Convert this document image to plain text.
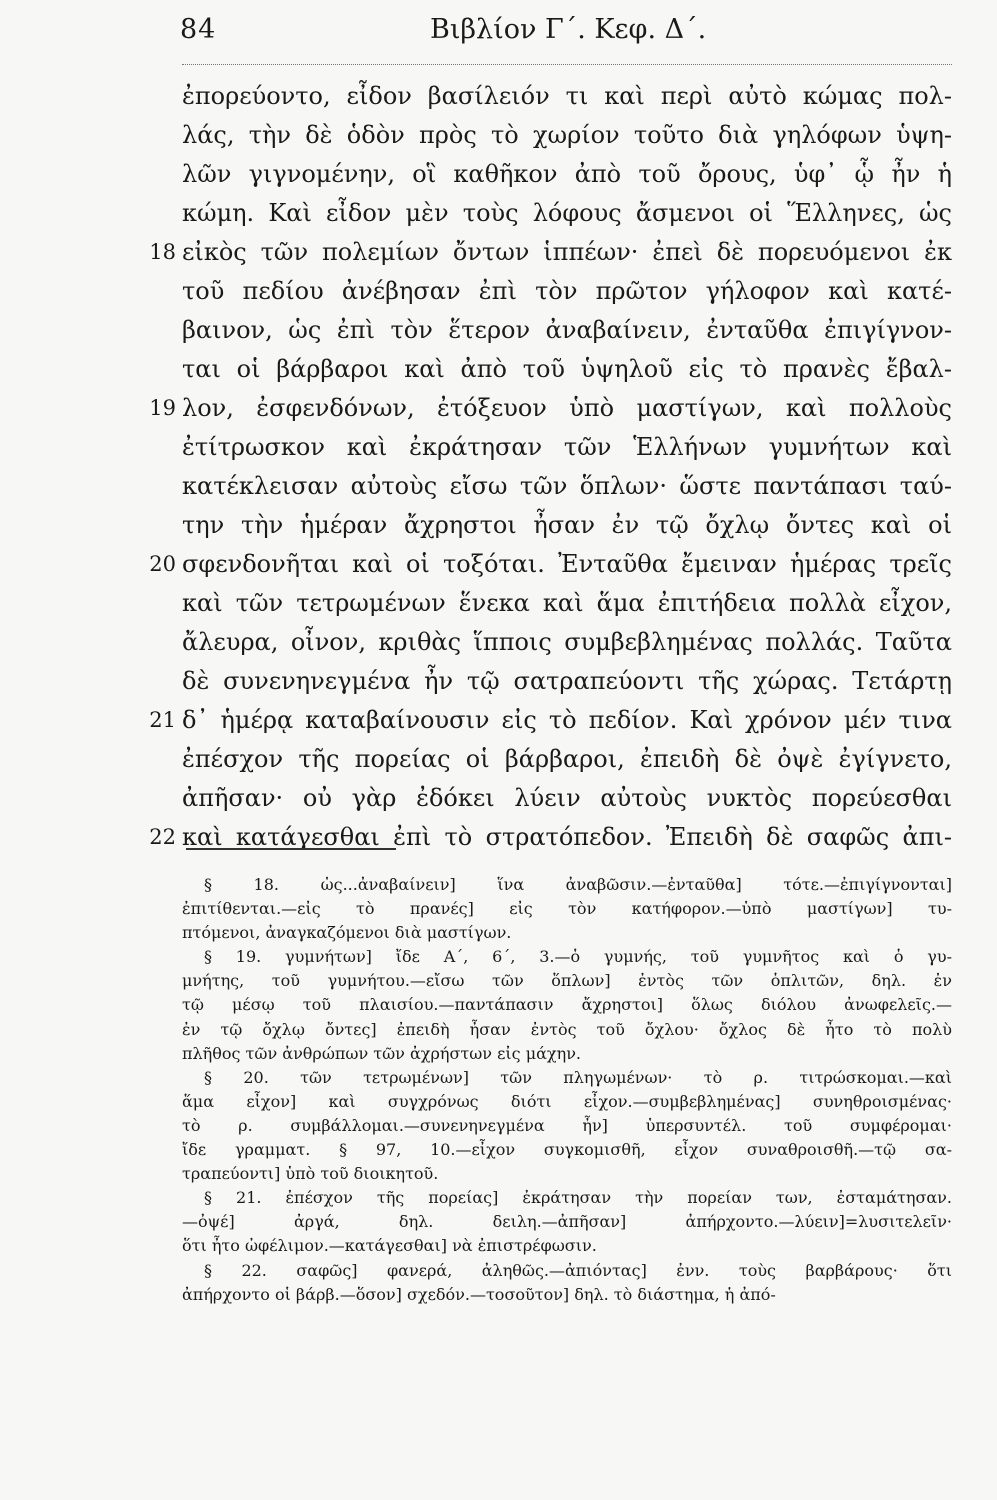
84	Βιβλίον Γ΄. Κεφ. Δ΄.
ἐπορεύοντο, εἶδον βασίλειόν τι καὶ περὶ αὐτὸ κώμας πολ-
λάς, τὴν δὲ ὁδὸν πρὸς τὸ χωρίον τοῦτο διὰ γηλόφων ὑψη-
λῶν γιγνομένην, οἳ καθῆκον ἀπὸ τοῦ ὄρους, ὑφ᾽ ᾧ ἦν ἡ
κώμη. Καὶ εἶδον μὲν τοὺς λόφους ἄσμενοι οἱ Ἕλληνες, ὡς
18 εἰκὸς τῶν πολεμίων ὄντων ἱππέων· ἐπεὶ δὲ πορευόμενοι ἐκ
τοῦ πεδίου ἀνέβησαν ἐπὶ τὸν πρῶτον γήλοφον καὶ κατέ-
βαινον, ὡς ἐπὶ τὸν ἕτερον ἀναβαίνειν, ἐνταῦθα ἐπιγίγνον-
ται οἱ βάρβαροι καὶ ἀπὸ τοῦ ὑψηλοῦ εἰς τὸ πρανὲς ἔβαλ-
19 λον, ἐσφενδόνων, ἐτόξευον ὑπὸ μαστίγων, καὶ πολλοὺς
ἐτίτρωσκον καὶ ἐκράτησαν τῶν Ἑλλήνων γυμνήτων καὶ
κατέκλεισαν αὐτοὺς εἴσω τῶν ὅπλων· ὥστε παντάπασι ταύ-
την τὴν ἡμέραν ἄχρηστοι ἦσαν ἐν τῷ ὄχλῳ ὄντες καὶ οἱ
20 σφενδονῆται καὶ οἱ τοξόται. Ἐνταῦθα ἔμειναν ἡμέρας τρεῖς
καὶ τῶν τετρωμένων ἕνεκα καὶ ἅμα ἐπιτήδεια πολλὰ εἶχον,
ἄλευρα, οἶνον, κριθὰς ἵπποις συμβεβλημένας πολλάς. Ταῦτα
δὲ συνενηνεγμένα ἦν τῷ σατραπεύοντι τῆς χώρας. Τετάρτῃ
21 δ᾽ ἡμέρᾳ καταβαίνουσιν εἰς τὸ πεδίον. Καὶ χρόνον μέν τινα
ἐπέσχον τῆς πορείας οἱ βάρβαροι, ἐπειδὴ δὲ ὀψὲ ἐγίγνετο,
ἀπῆσαν· οὐ γὰρ ἐδόκει λύειν αὐτοὺς νυκτὸς πορεύεσθαι
22 καὶ κατάγεσθαι ἐπὶ τὸ στρατόπεδον. Ἐπειδὴ δὲ σαφῶς ἀπι-
§ 18. ὡς...ἀναβαίνειν] ἵνα ἀναβῶσιν.—ἐνταῦθα] τότε.—ἐπιγίγνονται]
ἐπιτίθενται.—εἰς τὸ πρανές] εἰς τὸν κατήφορον.—ὑπὸ μαστίγων] τυ-
πτόμενοι, ἀναγκαζόμενοι διὰ μαστίγων.
§ 19. γυμνήτων] ἴδε Α΄, 6΄, 3.—ὁ γυμνής, τοῦ γυμνῆτος καὶ ὁ γυ-
μνήτης, τοῦ γυμνήτου.—εἴσω τῶν ὅπλων] ἐντὸς τῶν ὁπλιτῶν, δηλ. ἐν
τῷ μέσῳ τοῦ πλαισίου.—παντάπασιν ἄχρηστοι] ὅλως διόλου ἀνωφελεῖς.—
ἐν τῷ ὄχλῳ ὄντες] ἐπειδὴ ἦσαν ἐντὸς τοῦ ὄχλου· ὄχλος δὲ ἦτο τὸ πολὺ
πλῆθος τῶν ἀνθρώπων τῶν ἀχρήστων εἰς μάχην.
§ 20. τῶν τετρωμένων] τῶν πληγωμένων· τὸ ρ. τιτρώσκομαι.—καὶ
ἅμα εἶχον] καὶ συγχρόνως διότι εἶχον.—συμβεβλημένας] συνηθροισμένας·
τὸ ρ. συμβάλλομαι.—συνενηνεγμένα ἦν] ὑπερσυντέλ. τοῦ συμφέρομαι·
ἴδε γραμματ. § 97, 10.—εἶχον συγκομισθῆ, εἶχον συναθροισθῆ.—τῷ σα-
τραπεύοντι] ὑπὸ τοῦ διοικητοῦ.
§ 21. ἐπέσχον τῆς πορείας] ἐκράτησαν τὴν πορείαν των, ἐσταμάτησαν.
—ὀψέ] ἀργά, δηλ. δειλη.—ἀπῆσαν] ἀπήρχοντο.—λύειν]=λυσιτελεῖν·
ὅτι ἦτο ὠφέλιμον.—κατάγεσθαι] νὰ ἐπιστρέφωσιν.
§ 22. σαφῶς] φανερά, ἀληθῶς.—ἀπιόντας] ἐνν. τοὺς βαρβάρους· ὅτι
ἀπήρχοντο οἱ βάρβ.—ὅσον] σχεδόν.—τοσοῦτον] δηλ. τὸ διάστημα, ἡ ἀπό-
